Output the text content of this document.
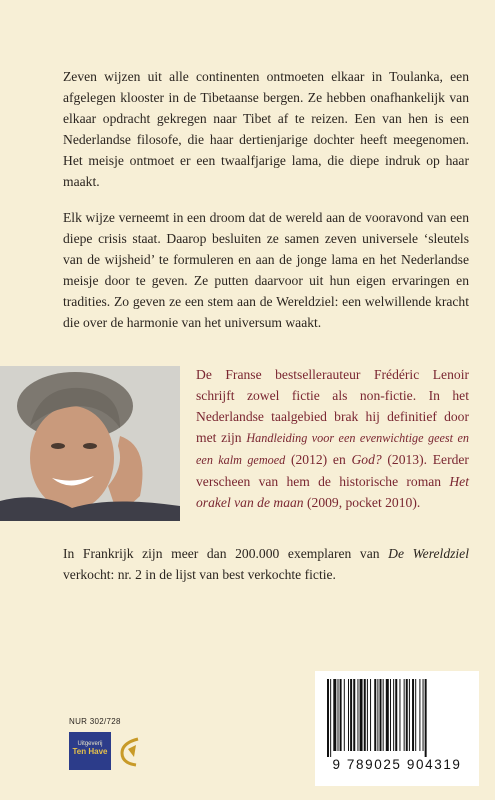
Zeven wijzen uit alle continenten ontmoeten elkaar in Toulanka, een afgelegen klooster in de Tibetaanse bergen. Ze hebben onafhankelijk van elkaar opdracht gekregen naar Tibet af te reizen. Een van hen is een Nederlandse filosofe, die haar dertienjarige dochter heeft meegenomen. Het meisje ontmoet er een twaalfjarige lama, die diepe indruk op haar maakt.

Elk wijze verneemt in een droom dat de wereld aan de vooravond van een diepe crisis staat. Daarop besluiten ze samen zeven universele ‘sleutels van de wijsheid’ te formuleren en aan de jonge lama en het Nederlandse meisje door te geven. Ze putten daarvoor uit hun eigen ervaringen en tradities. Zo geven ze een stem aan de Wereldziel: een welwillende kracht die over de harmonie van het universum waakt.

De Franse bestsellerauteur Frédéric Lenoir schrijft zowel fictie als non-fictie. In het Nederlandse taalgebied brak hij definitief door met zijn Handleiding voor een evenwichtige geest en een kalm gemoed (2012) en God? (2013). Eerder verscheen van hem de historische roman Het orakel van de maan (2009, pocket 2010).

In Frankrijk zijn meer dan 200.000 exemplaren van De Wereldziel verkocht: nr. 2 in de lijst van best verkochte fictie.

NUR 302/728
Uitgeverij
Ten Have
9 789025 904319
